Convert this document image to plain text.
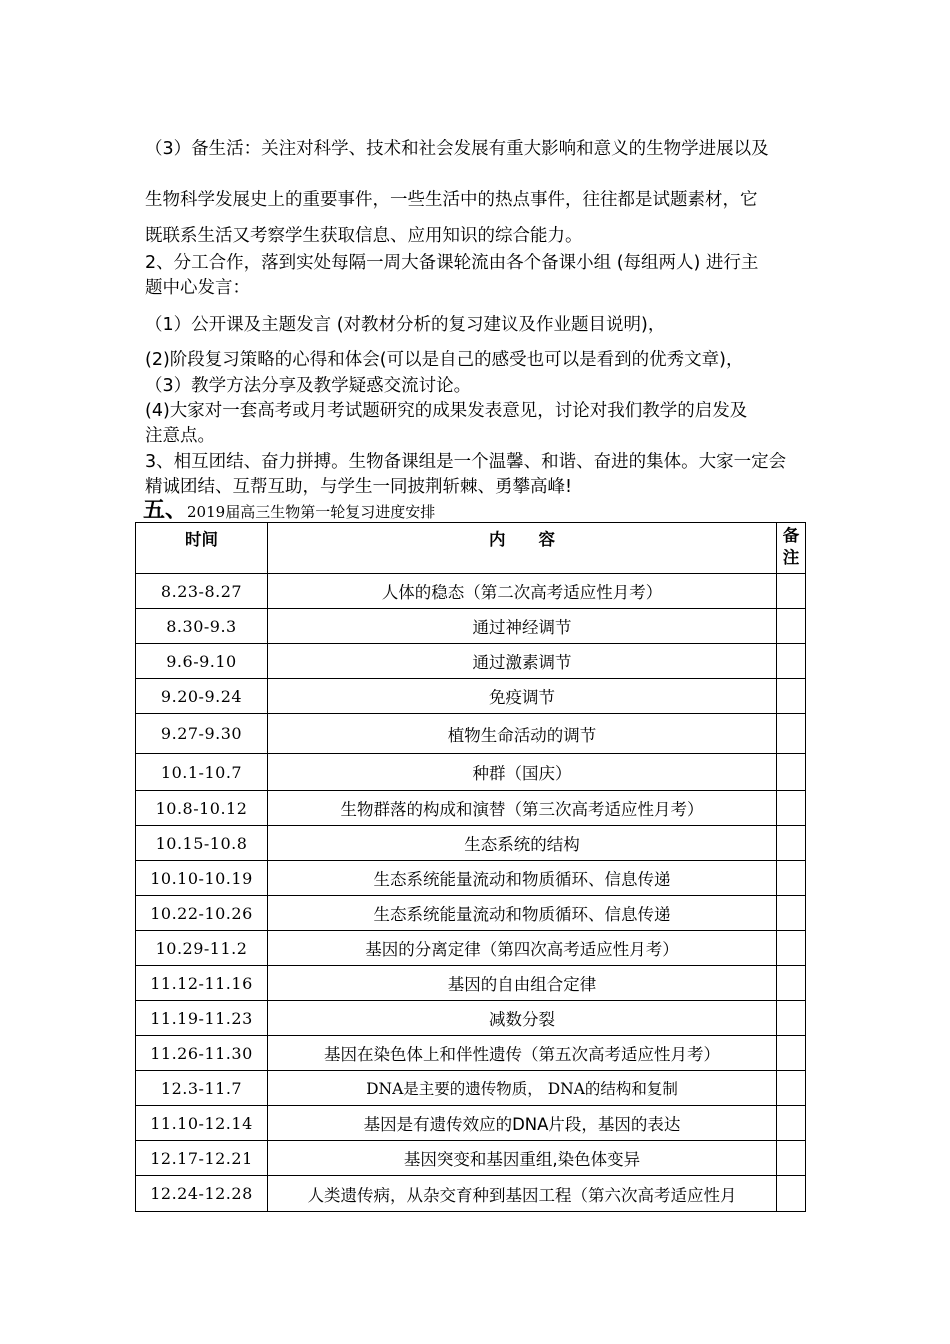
（3）备生活：关注对科学、技术和社会发展有重大影响和意义的生物学进展以及
生物科学发展史上的重要事件，一些生活中的热点事件，往往都是试题素材，它
既联系生活又考察学生获取信息、应用知识的综合能力。
2、分工合作，落到实处每隔一周大备课轮流由各个备课小组 (每组两人) 进行主
题中心发言：
（1）公开课及主题发言 (对教材分析的复习建议及作业题目说明)，
(2)阶段复习策略的心得和体会(可以是自己的感受也可以是看到的优秀文章)，
（3）教学方法分享及教学疑惑交流讨论。
(4)大家对一套高考或月考试题研究的成果发表意见，讨论对我们教学的启发及
注意点。
3、相互团结、奋力拼搏。生物备课组是一个温馨、和谐、奋进的集体。大家一定会
精诚团结、互帮互助，与学生一同披荆斩棘、勇攀高峰!
五、2019届高三生物第一轮复习进度安排
时间	内　　容	备注
8.23-8.27	人体的稳态（第二次高考适应性月考）	
8.30-9.3	通过神经调节	
9.6-9.10	通过激素调节	
9.20-9.24	免疫调节	
9.27-9.30	植物生命活动的调节	
10.1-10.7	种群（国庆）	
10.8-10.12	生物群落的构成和演替（第三次高考适应性月考）	
10.15-10.8	生态系统的结构	
10.10-10.19	生态系统能量流动和物质循环、信息传递	
10.22-10.26	生态系统能量流动和物质循环、信息传递	
10.29-11.2	基因的分离定律（第四次高考适应性月考）	
11.12-11.16	基因的自由组合定律	
11.19-11.23	减数分裂	
11.26-11.30	基因在染色体上和伴性遗传（第五次高考适应性月考）	
12.3-11.7	DNA是主要的遗传物质， DNA的结构和复制	
11.10-12.14	基因是有遗传效应的DNA片段，基因的表达	
12.17-12.21	基因突变和基因重组,染色体变异	
12.24-12.28	人类遗传病，从杂交育种到基因工程（第六次高考适应性月	
